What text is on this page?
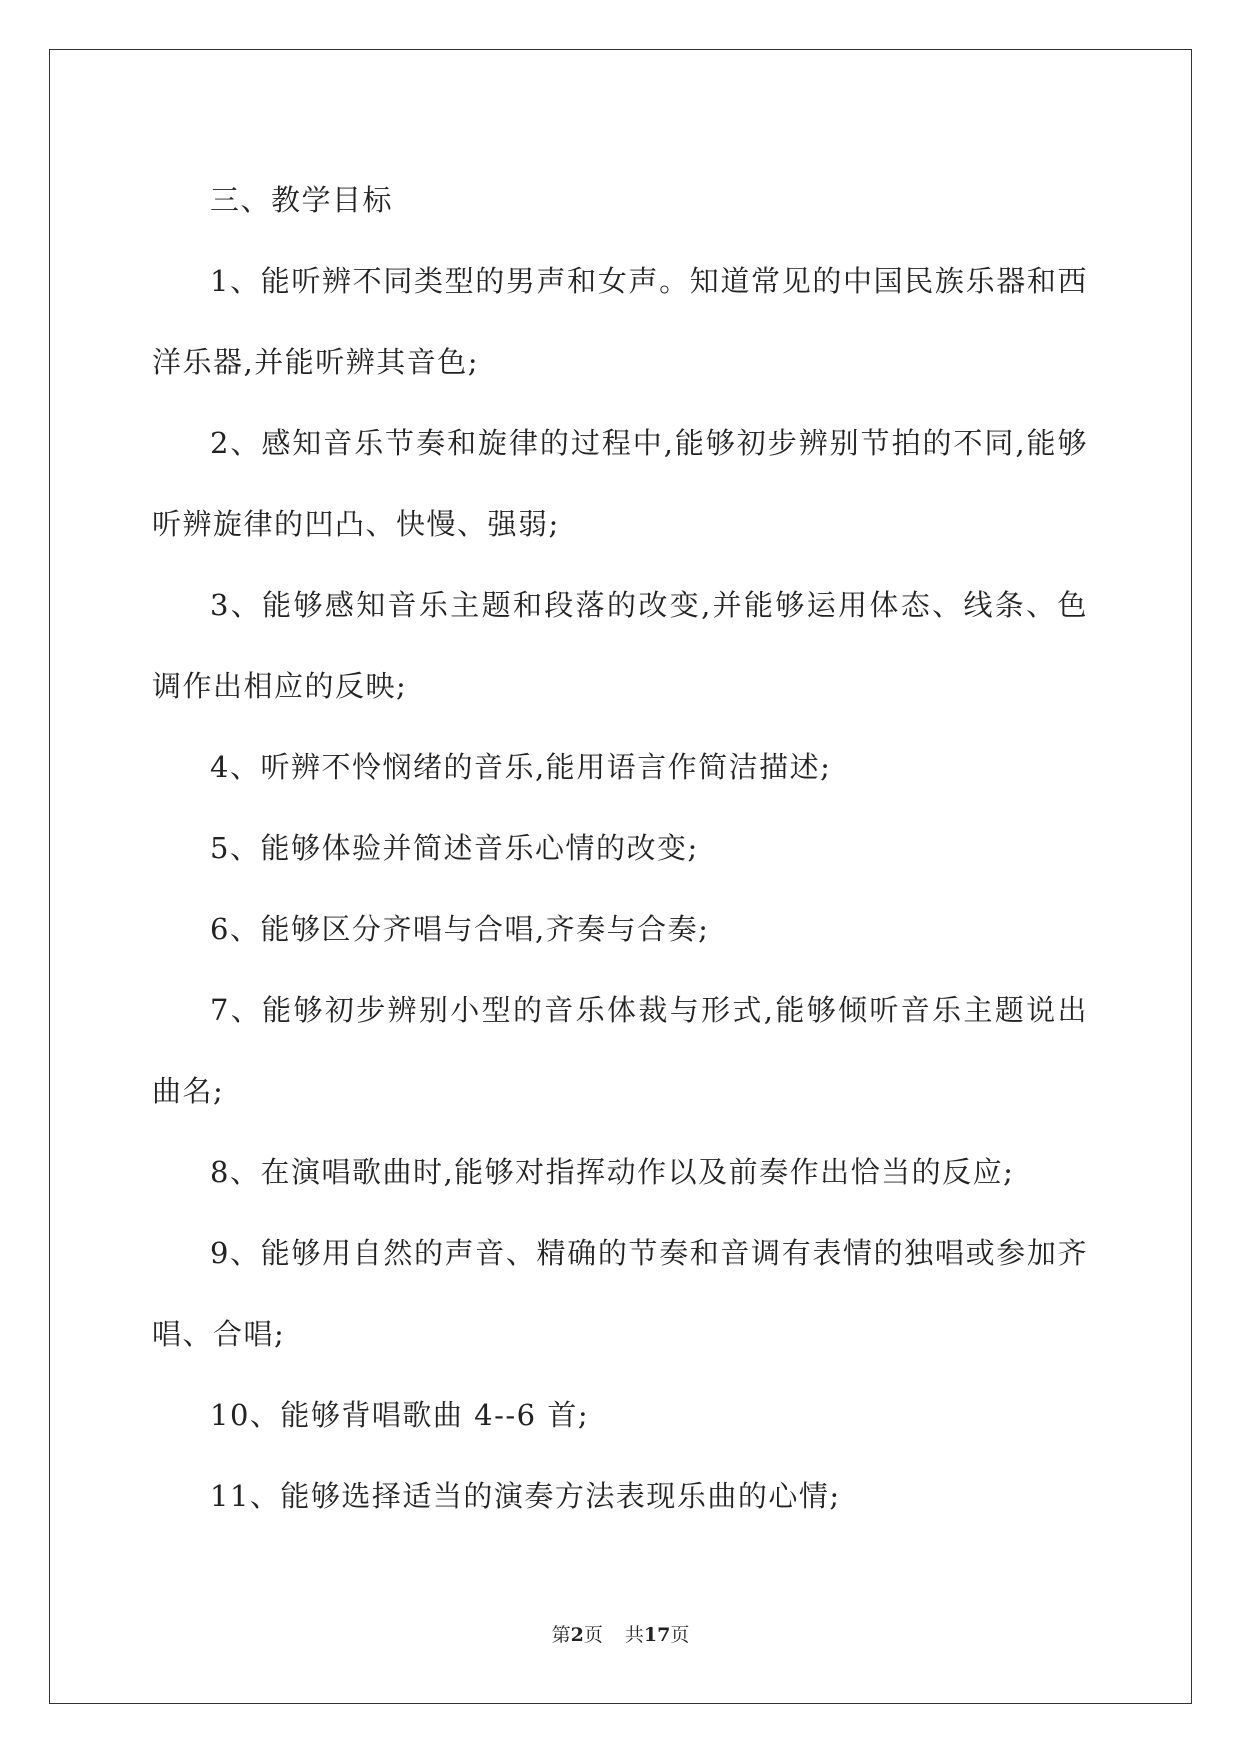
三、教学目标

1、能听辨不同类型的男声和女声。知道常见的中国民族乐器和西洋乐器,并能听辨其音色;

2、感知音乐节奏和旋律的过程中,能够初步辨别节拍的不同,能够听辨旋律的凹凸、快慢、强弱;

3、能够感知音乐主题和段落的改变,并能够运用体态、线条、色调作出相应的反映;

4、听辨不怜悯绪的音乐,能用语言作简洁描述;

5、能够体验并简述音乐心情的改变;

6、能够区分齐唱与合唱,齐奏与合奏;

7、能够初步辨别小型的音乐体裁与形式,能够倾听音乐主题说出曲名;

8、在演唱歌曲时,能够对指挥动作以及前奏作出恰当的反应;

9、能够用自然的声音、精确的节奏和音调有表情的独唱或参加齐唱、合唱;

10、能够背唱歌曲 4--6 首;

11、能够选择适当的演奏方法表现乐曲的心情;

第2页 共17页
